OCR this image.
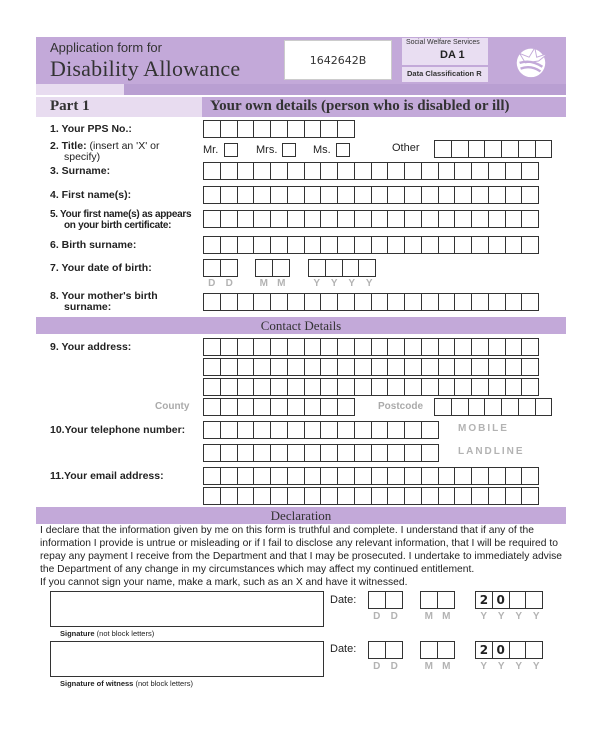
Application form for
Disability Allowance	1642642B
Social Welfare Services
DA 1
Data Classification R
Part 1	Your own details (person who is disabled or ill)
1. Your PPS No.:
2. Title: (insert an 'X' or
specify)
Mr.	Mrs.	Ms.	Other
3. Surname:
4. First name(s):
5. Your first name(s) as appears
on your birth certificate:
6. Birth surname:
7. Your date of birth:
D	D	M M	Y	Y	Y	Y
8. Your mother's birth
surname:
Contact Details
9. Your address:
County	Postcode
10.Your telephone number:	MOBILE
LANDLINE
11.Your email address:
Declaration
I declare that the information given by me on this form is truthful and complete. I understand that if any of the information I provide is untrue or misleading or if I fail to disclose any relevant information, that I will be required to repay any payment I receive from the Department and that I may be prosecuted. I undertake to immediately advise the Department of any change in my circumstances which may affect my continued entitlement.
If you cannot sign your name, make a mark, such as an X and have it witnessed.
Signature (not block letters)
Date:	2 0
D	D	M M	Y	Y	Y	Y
Signature of witness (not block letters)
Date:	2 0
D	D	M M	Y	Y	Y	Y
